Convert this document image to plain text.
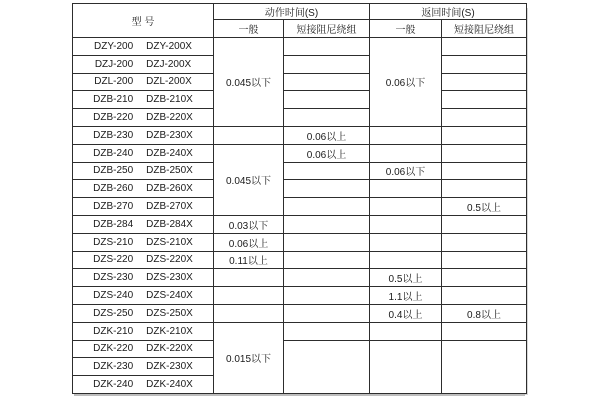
型 号	动作时间(S)		返回时间(S)	
	一般	短接阻尼绕组	一般	短接阻尼绕组
DZY-200 DZY-200X	0.045以下		0.06以下	
DZJ-200 DZJ-200X				
DZL-200 DZL-200X				
DZB-210 DZB-210X				
DZB-220 DZB-220X				
DZB-230 DZB-230X		0.06以上		
DZB-240 DZB-240X	0.045以下	0.06以上		
DZB-250 DZB-250X			0.06以下	
DZB-260 DZB-260X				
DZB-270 DZB-270X				0.5以上
DZB-284 DZB-284X	0.03以下			
DZS-210 DZS-210X	0.06以上			
DZS-220 DZS-220X	0.11以上			
DZS-230 DZS-230X			0.5以上	
DZS-240 DZS-240X			1.1以上	
DZS-250 DZS-250X			0.4以上	0.8以上
DZK-210 DZK-210X	0.015以下			
DZK-220 DZK-220X				
DZK-230 DZK-230X				
DZK-240 DZK-240X				
